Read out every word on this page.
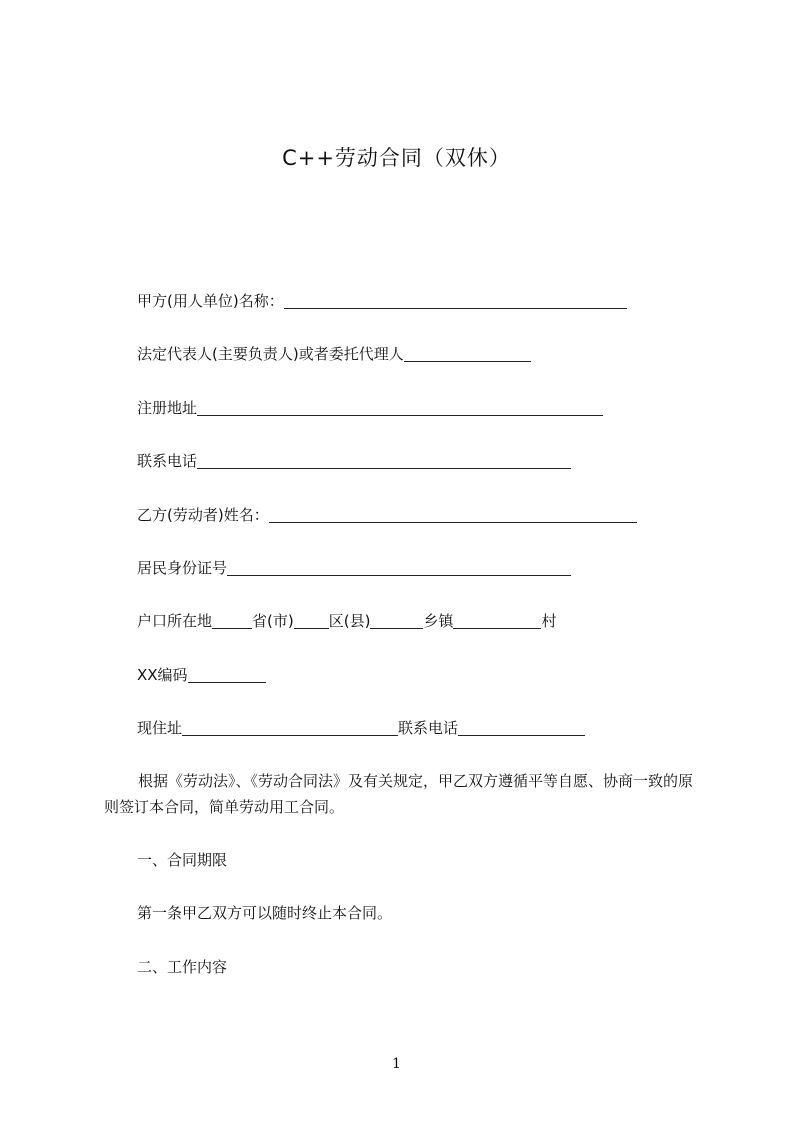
C++劳动合同（双休）
甲方(用人单位)名称：
法定代表人(主要负责人)或者委托代理人
注册地址
联系电话
乙方(劳动者)姓名：
居民身份证号
户口所在地	省(市) 区(县)	乡镇	村
XX编码
现住址	联系电话
根据《劳动法》、《劳动合同法》及有关规定，甲乙双方遵循平等自愿、协商一致的原则签订本合同，简单劳动用工合同。
一、合同期限
第一条甲乙双方可以随时终止本合同。
二、工作内容
1
